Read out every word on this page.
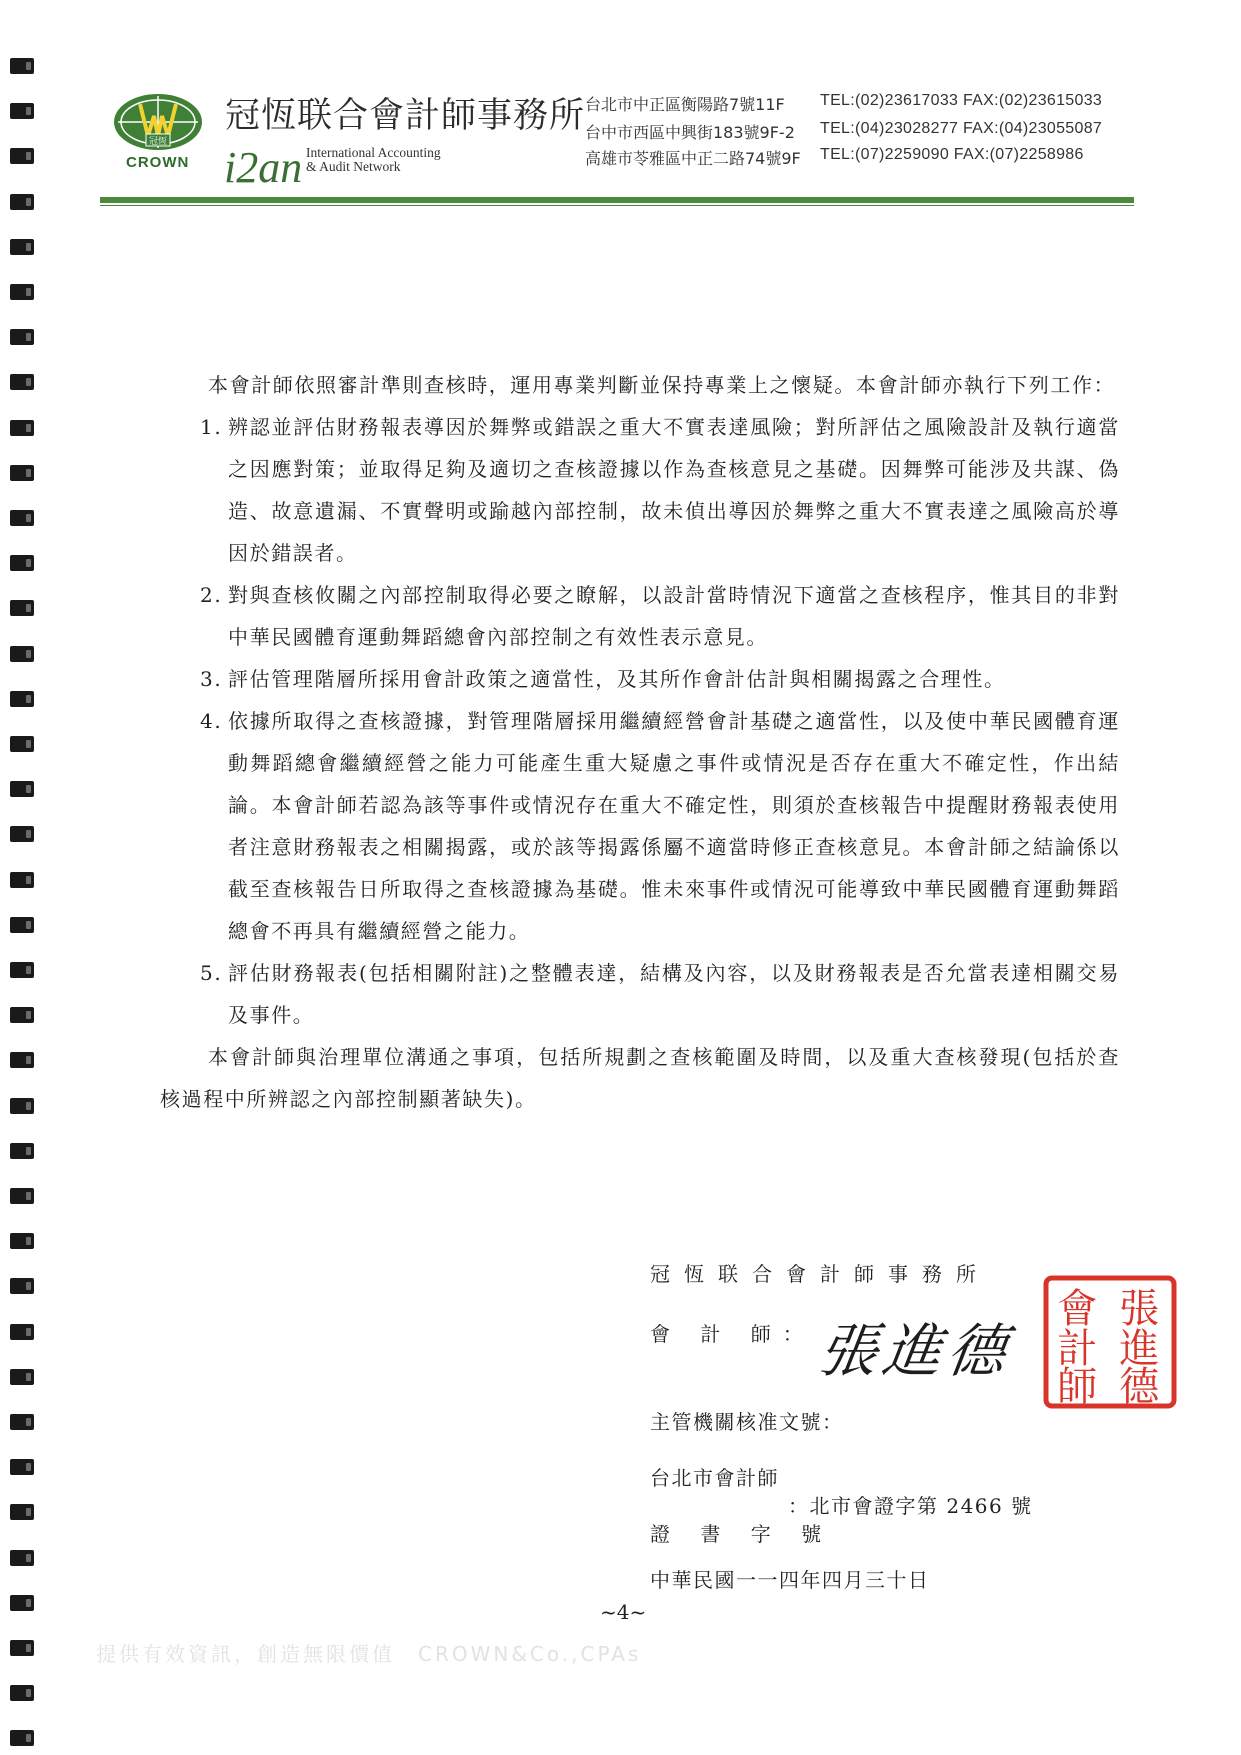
冠恆
CROWN
冠恆联合會計師事務所
i2an International Accounting
& Audit Network
台北市中正區衡陽路7號11F TEL:(02)23617033 FAX:(02)23615033
台中市西區中興街183號9F-2 TEL:(04)23028277 FAX:(04)23055087
高雄市苓雅區中正二路74號9F TEL:(07)2259090 FAX:(07)2258986

本會計師依照審計準則查核時，運用專業判斷並保持專業上之懷疑。本會計師亦執行下列工作：

1. 辨認並評估財務報表導因於舞弊或錯誤之重大不實表達風險；對所評估之風險設計及執行適當之因應對策；並取得足夠及適切之查核證據以作為查核意見之基礎。因舞弊可能涉及共謀、偽造、故意遺漏、不實聲明或踰越內部控制，故未偵出導因於舞弊之重大不實表達之風險高於導因於錯誤者。
2. 對與查核攸關之內部控制取得必要之瞭解，以設計當時情況下適當之查核程序，惟其目的非對中華民國體育運動舞蹈總會內部控制之有效性表示意見。
3. 評估管理階層所採用會計政策之適當性，及其所作會計估計與相關揭露之合理性。
4. 依據所取得之查核證據，對管理階層採用繼續經營會計基礎之適當性，以及使中華民國體育運動舞蹈總會繼續經營之能力可能產生重大疑慮之事件或情況是否存在重大不確定性，作出結論。本會計師若認為該等事件或情況存在重大不確定性，則須於查核報告中提醒財務報表使用者注意財務報表之相關揭露，或於該等揭露係屬不適當時修正查核意見。本會計師之結論係以截至查核報告日所取得之查核證據為基礎。惟未來事件或情況可能導致中華民國體育運動舞蹈總會不再具有繼續經營之能力。
5. 評估財務報表(包括相關附註)之整體表達，結構及內容，以及財務報表是否允當表達相關交易及事件。

本會計師與治理單位溝通之事項，包括所規劃之查核範圍及時間，以及重大查核發現(包括於查核過程中所辨認之內部控制顯著缺失)。

冠恆联合會計師事務所
會 計 師： 張進德
會 張
計 進
師 德
主管機關核准文號：
台北市會計師
：北市會證字第 2466 號
證 書 字 號
中華民國一一四年四月三十日
~4~
提供有效資訊，創造無限價值　CROWN&Co.,CPAs
